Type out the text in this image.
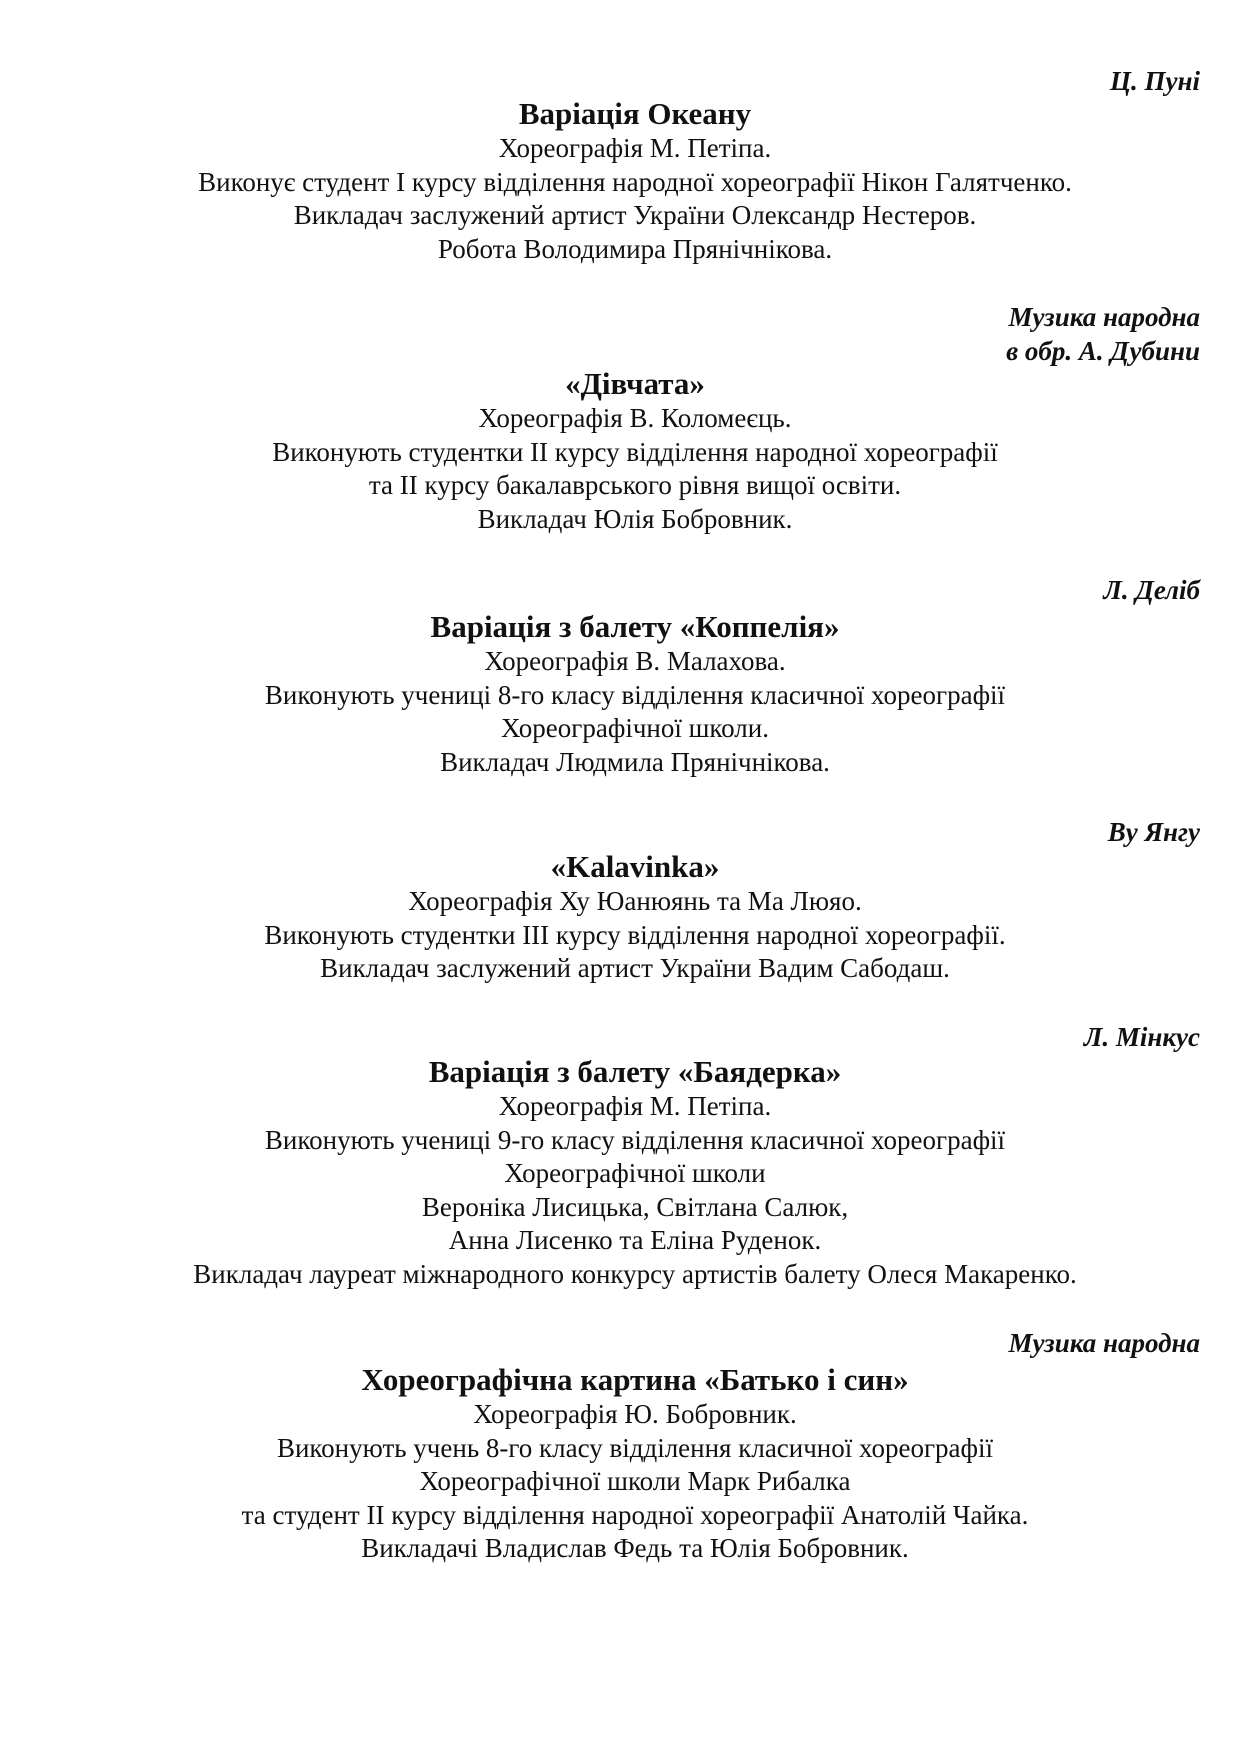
Ц. Пуні
Варіація Океану
Хореографія М. Петіпа.
Виконує студент I курсу відділення народної хореографії Нікон Галятченко.
Викладач заслужений артист України Олександр Нестеров.
Робота Володимира Прянічнікова.
Музика народна
в обр. А. Дубини
«Дівчата»
Хореографія В. Коломеєць.
Виконують студентки II курсу відділення народної хореографії
та II курсу бакалаврського рівня вищої освіти.
Викладач Юлія Бобровник.
Л. Деліб
Варіація з балету «Коппелія»
Хореографія В. Малахова.
Виконують учениці 8-го класу відділення класичної хореографії
Хореографічної школи.
Викладач Людмила Прянічнікова.
Ву Янгу
«Kalavinka»
Хореографія Ху Юанюянь та Ма Люяо.
Виконують студентки III курсу відділення народної хореографії.
Викладач заслужений артист України Вадим Сабодаш.
Л. Мінкус
Варіація з балету «Баядерка»
Хореографія М. Петіпа.
Виконують учениці 9-го класу відділення класичної хореографії
Хореографічної школи
Вероніка Лисицька, Світлана Салюк,
Анна Лисенко та Еліна Руденок.
Викладач лауреат міжнародного конкурсу артистів балету Олеся Макаренко.
Музика народна
Хореографічна картина «Батько і син»
Хореографія Ю. Бобровник.
Виконують учень 8-го класу відділення класичної хореографії
Хореографічної школи Марк Рибалка
та студент II курсу відділення народної хореографії Анатолій Чайка.
Викладачі Владислав Федь та Юлія Бобровник.
